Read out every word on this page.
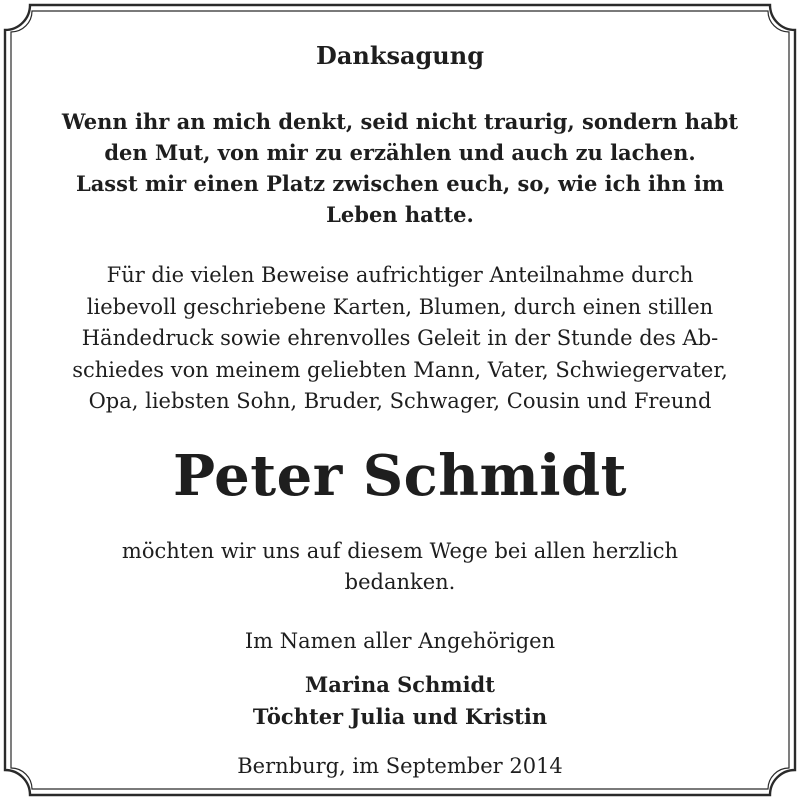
Danksagung
Wenn ihr an mich denkt, seid nicht traurig, sondern habt
den Mut, von mir zu erzählen und auch zu lachen.
Lasst mir einen Platz zwischen euch, so, wie ich ihn im
Leben hatte.
Für die vielen Beweise aufrichtiger Anteilnahme durch
liebevoll geschriebene Karten, Blumen, durch einen stillen
Händedruck sowie ehrenvolles Geleit in der Stunde des Ab-
schiedes von meinem geliebten Mann, Vater, Schwiegervater,
Opa, liebsten Sohn, Bruder, Schwager, Cousin und Freund
Peter Schmidt
möchten wir uns auf diesem Wege bei allen herzlich
bedanken.
Im Namen aller Angehörigen
Marina Schmidt
Töchter Julia und Kristin
Bernburg, im September 2014
